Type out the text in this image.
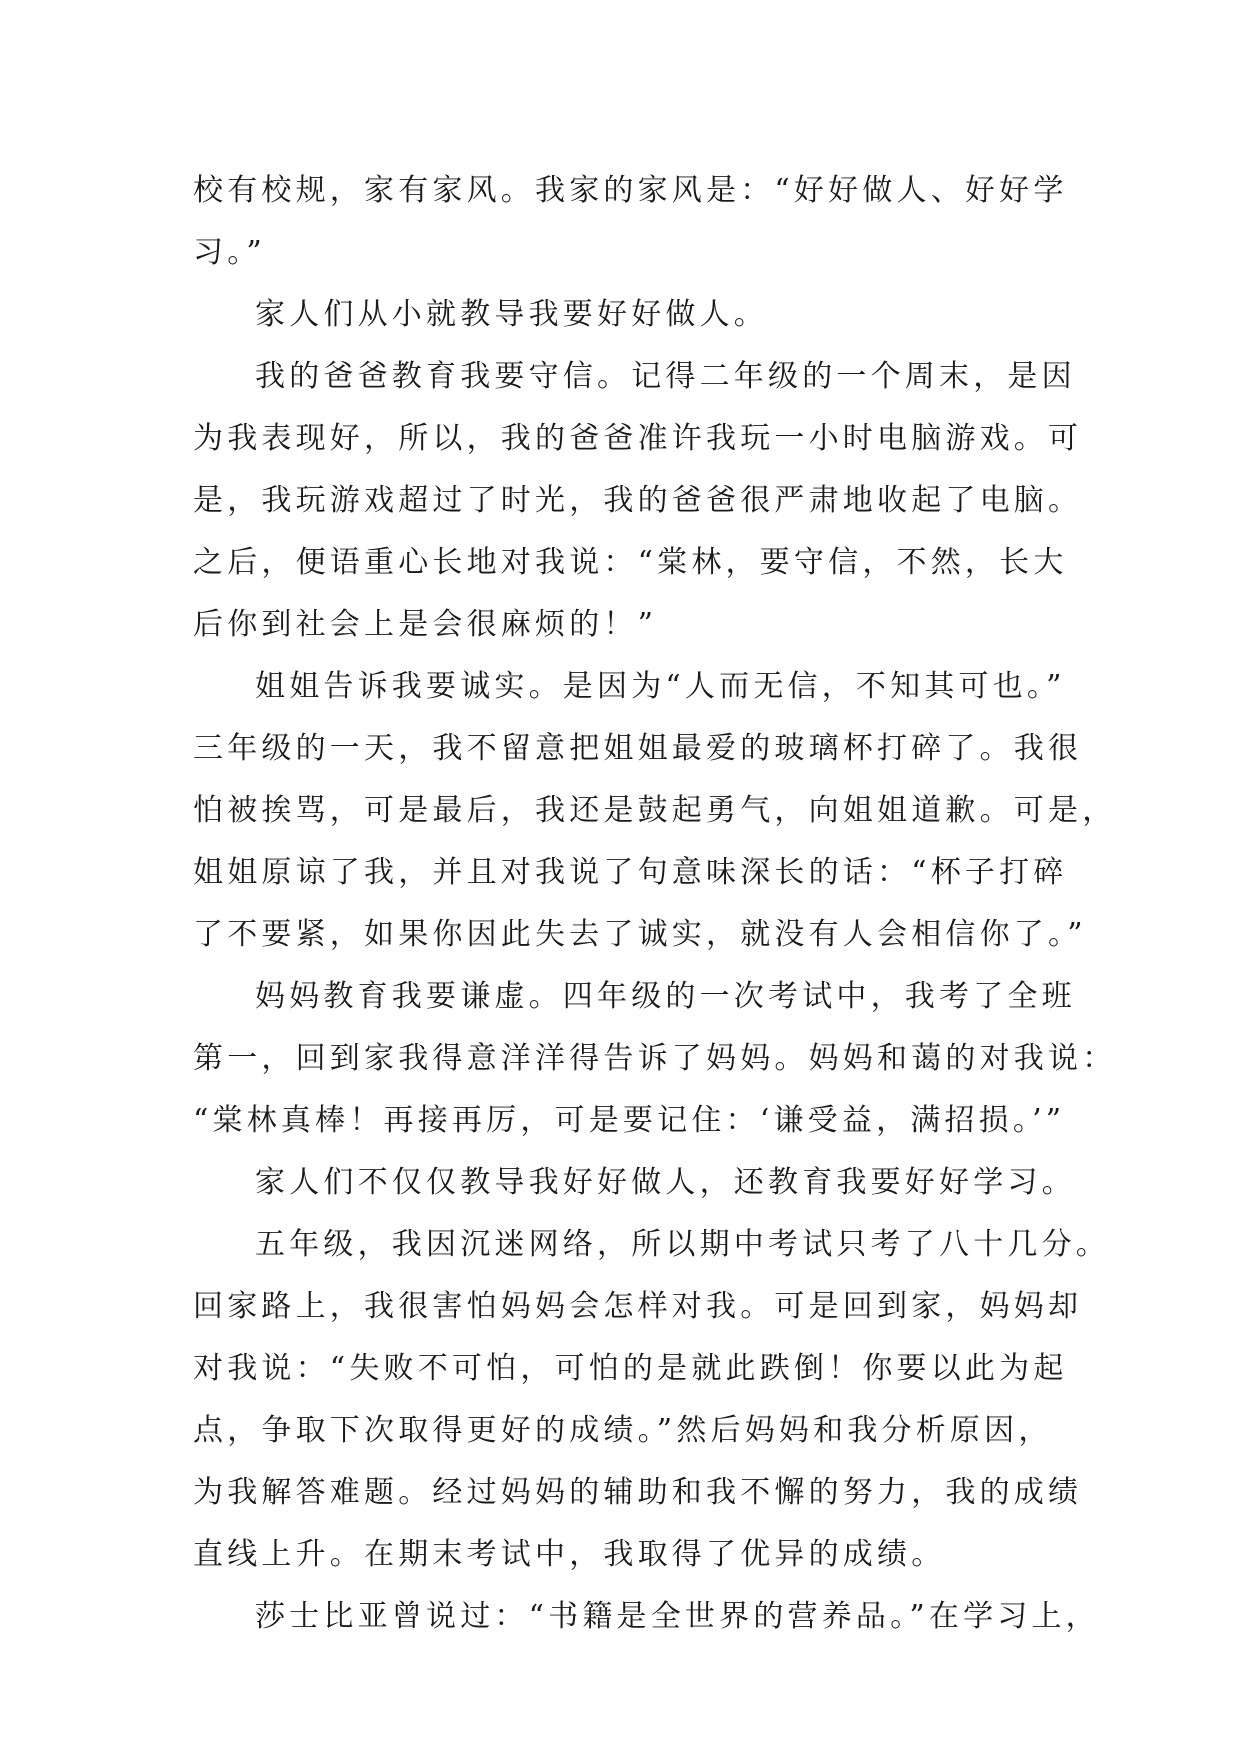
校有校规，家有家风。我家的家风是：“好好做人、好好学
习。”
家人们从小就教导我要好好做人。
我的爸爸教育我要守信。记得二年级的一个周末，是因
为我表现好，所以，我的爸爸准许我玩一小时电脑游戏。可
是，我玩游戏超过了时光，我的爸爸很严肃地收起了电脑。
之后，便语重心长地对我说：“棠林，要守信，不然，长大
后你到社会上是会很麻烦的！”
姐姐告诉我要诚实。是因为“人而无信，不知其可也。”
三年级的一天，我不留意把姐姐最爱的玻璃杯打碎了。我很
怕被挨骂，可是最后，我还是鼓起勇气，向姐姐道歉。可是，
姐姐原谅了我，并且对我说了句意味深长的话：“杯子打碎
了不要紧，如果你因此失去了诚实，就没有人会相信你了。”
妈妈教育我要谦虚。四年级的一次考试中，我考了全班
第一，回到家我得意洋洋得告诉了妈妈。妈妈和蔼的对我说：
“棠林真棒！再接再厉，可是要记住：‘谦受益，满招损。’”
家人们不仅仅教导我好好做人，还教育我要好好学习。
五年级，我因沉迷网络，所以期中考试只考了八十几分。
回家路上，我很害怕妈妈会怎样对我。可是回到家，妈妈却
对我说：“失败不可怕，可怕的是就此跌倒！你要以此为起
点，争取下次取得更好的成绩。”然后妈妈和我分析原因，
为我解答难题。经过妈妈的辅助和我不懈的努力，我的成绩
直线上升。在期末考试中，我取得了优异的成绩。
莎士比亚曾说过：“书籍是全世界的营养品。”在学习上，
